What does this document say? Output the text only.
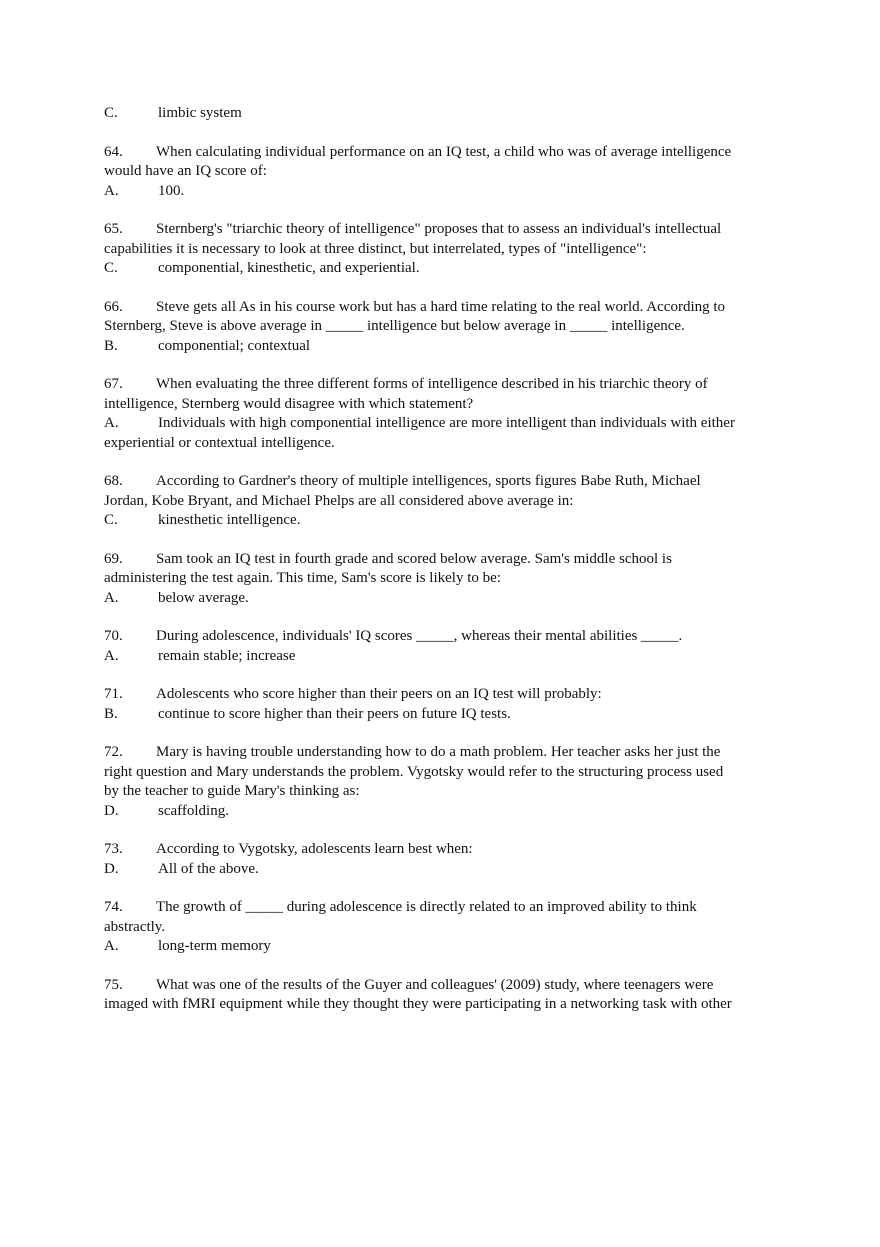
C.	limbic system
64. When calculating individual performance on an IQ test, a child who was of average intelligence
would have an IQ score of:
A.	100.
65. Sternberg's "triarchic theory of intelligence" proposes that to assess an individual's intellectual
capabilities it is necessary to look at three distinct, but interrelated, types of "intelligence":
C.	componential, kinesthetic, and experiential.
66. Steve gets all As in his course work but has a hard time relating to the real world. According to
Sternberg, Steve is above average in _____ intelligence but below average in _____ intelligence.
B.	componential; contextual
67. When evaluating the three different forms of intelligence described in his triarchic theory of
intelligence, Sternberg would disagree with which statement?
A.	Individuals with high componential intelligence are more intelligent than individuals with either
experiential or contextual intelligence.
68. According to Gardner's theory of multiple intelligences, sports figures Babe Ruth, Michael
Jordan, Kobe Bryant, and Michael Phelps are all considered above average in:
C.	kinesthetic intelligence.
69. Sam took an IQ test in fourth grade and scored below average. Sam's middle school is
administering the test again. This time, Sam's score is likely to be:
A.	below average.
70. During adolescence, individuals' IQ scores _____, whereas their mental abilities _____.
A.	remain stable; increase
71. Adolescents who score higher than their peers on an IQ test will probably:
B.	continue to score higher than their peers on future IQ tests.
72. Mary is having trouble understanding how to do a math problem. Her teacher asks her just the
right question and Mary understands the problem. Vygotsky would refer to the structuring process used
by the teacher to guide Mary's thinking as:
D.	scaffolding.
73. According to Vygotsky, adolescents learn best when:
D.	All of the above.
74. The growth of _____ during adolescence is directly related to an improved ability to think
abstractly.
A.	long-term memory
75. What was one of the results of the Guyer and colleagues' (2009) study, where teenagers were
imaged with fMRI equipment while they thought they were participating in a networking task with other
